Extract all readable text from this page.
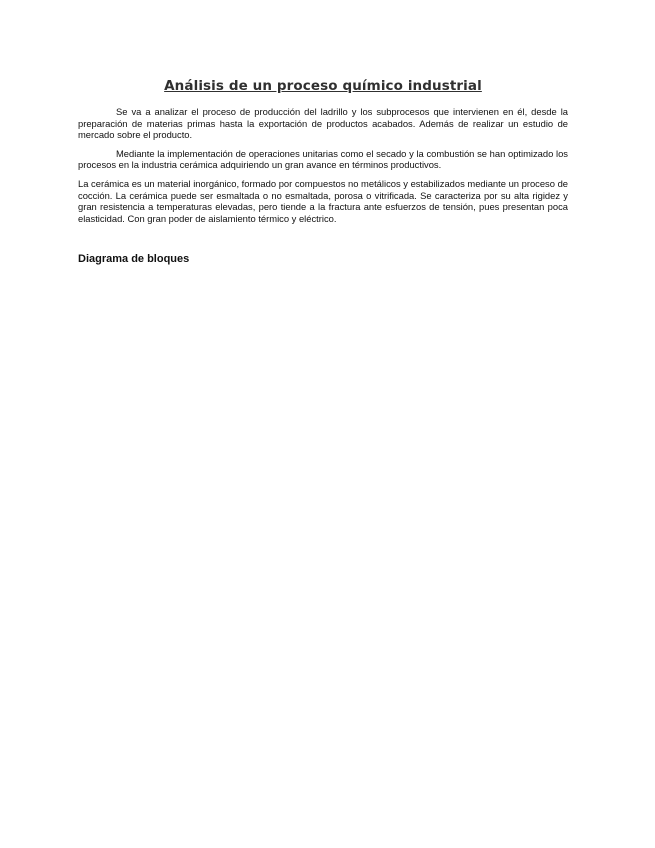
Análisis de un proceso químico industrial

Se va a analizar el proceso de producción del ladrillo y los subprocesos que intervienen en él, desde la preparación de materias primas hasta la exportación de productos acabados. Además de realizar un estudio de mercado sobre el producto.

Mediante la implementación de operaciones unitarias como el secado y la combustión se han optimizado los procesos en la industria cerámica adquiriendo un gran avance en términos productivos.

La cerámica es un material inorgánico, formado por compuestos no metálicos y estabilizados mediante un proceso de cocción. La cerámica puede ser esmaltada o no esmaltada, porosa o vitrificada. Se caracteriza por su alta rigidez y gran resistencia a temperaturas elevadas, pero tiende a la fractura ante esfuerzos de tensión, pues presentan poca elasticidad. Con gran poder de aislamiento térmico y eléctrico.

Diagrama de bloques
